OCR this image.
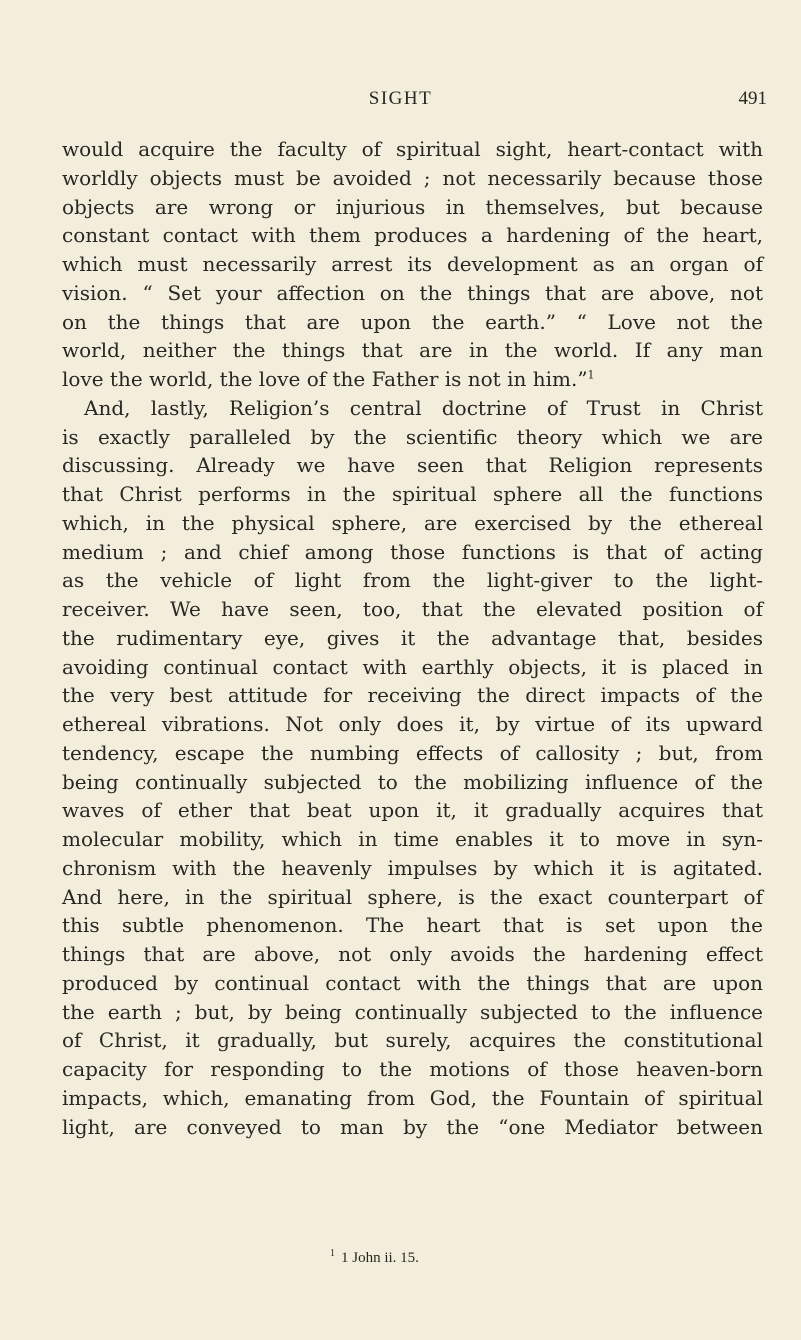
SIGHT	491
would acquire the faculty of spiritual sight, heart-contact with
worldly objects must be avoided ; not necessarily because those
objects are wrong or injurious in themselves, but because
constant contact with them produces a hardening of the heart,
which must necessarily arrest its development as an organ of
vision. “ Set your affection on the things that are above, not
on the things that are upon the earth.” “ Love not the
world, neither the things that are in the world. If any man
love the world, the love of the Father is not in him.”$^1$
And, lastly, Religion’s central doctrine of Trust in Christ
is exactly paralleled by the scientific theory which we are
discussing. Already we have seen that Religion represents
that Christ performs in the spiritual sphere all the functions
which, in the physical sphere, are exercised by the ethereal
medium ; and chief among those functions is that of acting
as the vehicle of light from the light-giver to the light-
receiver. We have seen, too, that the elevated position of
the rudimentary eye, gives it the advantage that, besides
avoiding continual contact with earthly objects, it is placed in
the very best attitude for receiving the direct impacts of the
ethereal vibrations. Not only does it, by virtue of its upward
tendency, escape the numbing effects of callosity ; but, from
being continually subjected to the mobilizing influence of the
waves of ether that beat upon it, it gradually acquires that
molecular mobility, which in time enables it to move in syn-
chronism with the heavenly impulses by which it is agitated.
And here, in the spiritual sphere, is the exact counterpart of
this subtle phenomenon. The heart that is set upon the
things that are above, not only avoids the hardening effect
produced by continual contact with the things that are upon
the earth ; but, by being continually subjected to the influence
of Christ, it gradually, but surely, acquires the constitutional
capacity for responding to the motions of those heaven-born
impacts, which, emanating from God, the Fountain of spiritual
light, are conveyed to man by the “one Mediator between
$^1$ 1 John ii. 15.
